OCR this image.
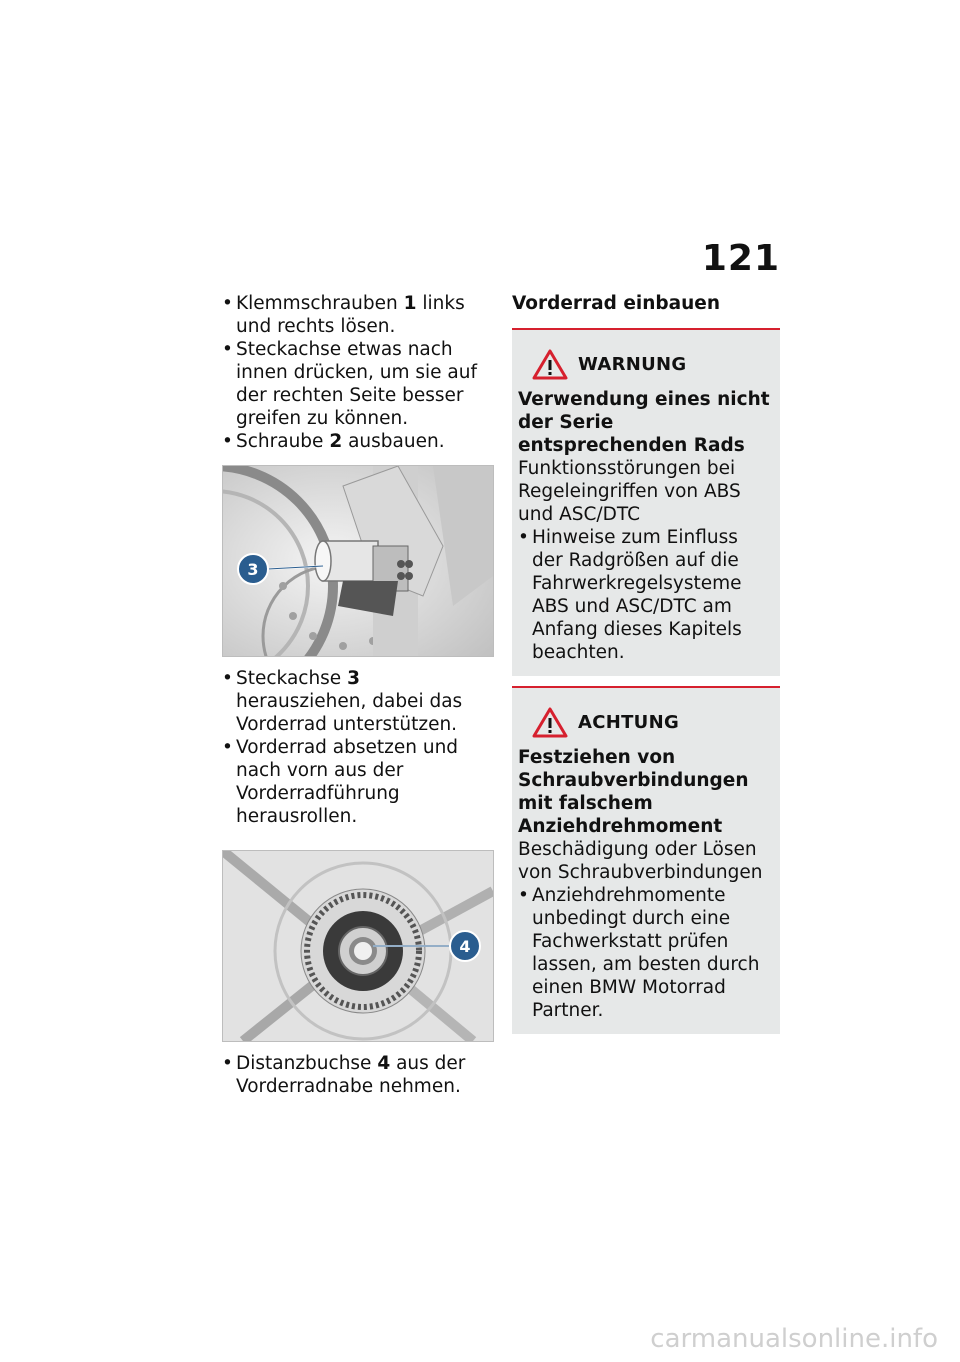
121
• Klemmschrauben 1 links und rechts lösen.
• Steckachse etwas nach innen drücken, um sie auf der rechten Seite besser greifen zu können.
• Schraube 2 ausbauen.
3
• Steckachse 3 herausziehen, dabei das Vorderrad unterstützen.
• Vorderrad absetzen und nach vorn aus der Vorderradführung herausrollen.
4
• Distanzbuchse 4 aus der Vorderradnabe nehmen.
Vorderrad einbauen
WARNUNG
Verwendung eines nicht der Serie entsprechenden Rads
Funktionsstörungen bei Regeleingriffen von ABS und ASC/DTC
• Hinweise zum Einfluss der Radgrößen auf die Fahrwerkregelsysteme ABS und ASC/DTC am Anfang dieses Kapitels beachten.
ACHTUNG
Festziehen von Schraubverbindungen mit falschem Anziehdrehmoment
Beschädigung oder Lösen von Schraubverbindungen
• Anziehdrehmomente unbedingt durch eine Fachwerkstatt prüfen lassen, am besten durch einen BMW Motorrad Partner.
carmanualsonline.info
